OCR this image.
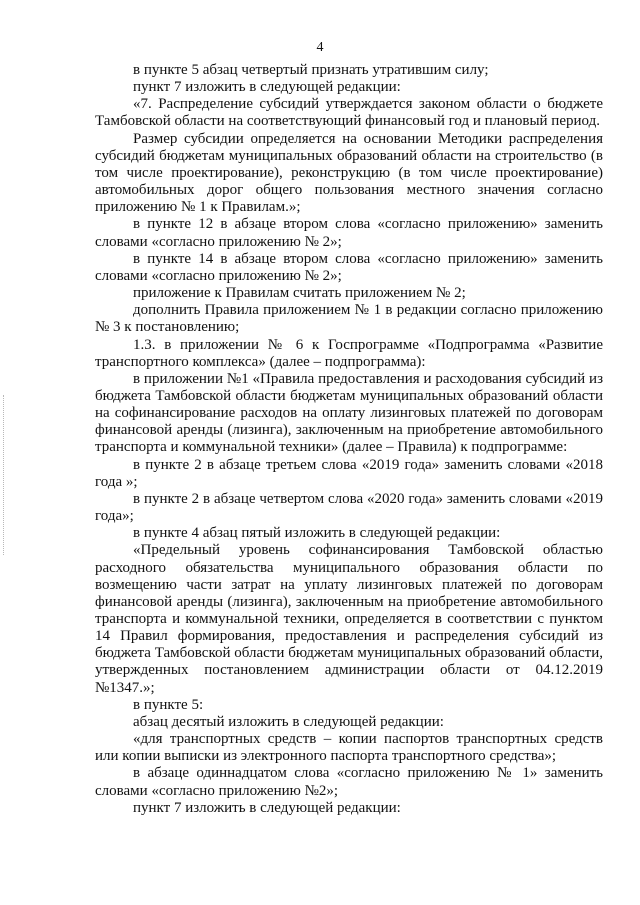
4

в пункте 5 абзац четвертый признать утратившим силу;

пункт 7 изложить в следующей редакции:

«7. Распределение субсидий утверждается законом области о бюджете Тамбовской области на соответствующий финансовый год и плановый период.

Размер субсидии определяется на основании Методики распределения субсидий бюджетам муниципальных образований области на строительство (в том числе проектирование), реконструкцию (в том числе проектирование) автомобильных дорог общего пользования местного значения согласно приложению № 1 к Правилам.»;

в пункте 12 в абзаце втором слова «согласно приложению» заменить словами «согласно приложению № 2»;

в пункте 14 в абзаце втором слова «согласно приложению» заменить словами «согласно приложению № 2»;

приложение к Правилам считать приложением № 2;

дополнить Правила приложением № 1 в редакции согласно приложению № 3 к постановлению;

1.3. в приложении № 6 к Госпрограмме «Подпрограмма «Развитие транспортного комплекса» (далее – подпрограмма):

в приложении №1 «Правила предоставления и расходования субсидий из бюджета Тамбовской области бюджетам муниципальных образований области на софинансирование расходов на оплату лизинговых платежей по договорам финансовой аренды (лизинга), заключенным на приобретение автомобильного транспорта и коммунальной техники» (далее – Правила) к подпрограмме:

в пункте 2 в абзаце третьем слова «2019 года» заменить словами «2018 года »;

в пункте 2 в абзаце четвертом слова «2020 года» заменить словами «2019 года»;

в пункте 4 абзац пятый изложить в следующей редакции:

«Предельный уровень софинансирования Тамбовской областью расходного обязательства муниципального образования области по возмещению части затрат на уплату лизинговых платежей по договорам финансовой аренды (лизинга), заключенным на приобретение автомобильного транспорта и коммунальной техники, определяется в соответствии с пунктом 14 Правил формирования, предоставления и распределения субсидий из бюджета Тамбовской области бюджетам муниципальных образований области, утвержденных постановлением администрации области от 04.12.2019 №1347.»;

в пункте 5:

абзац десятый изложить в следующей редакции:

«для транспортных средств – копии паспортов транспортных средств или копии выписки из электронного паспорта транспортного средства»;

в абзаце одиннадцатом слова «согласно приложению № 1» заменить словами «согласно приложению №2»;

пункт 7 изложить в следующей редакции:
